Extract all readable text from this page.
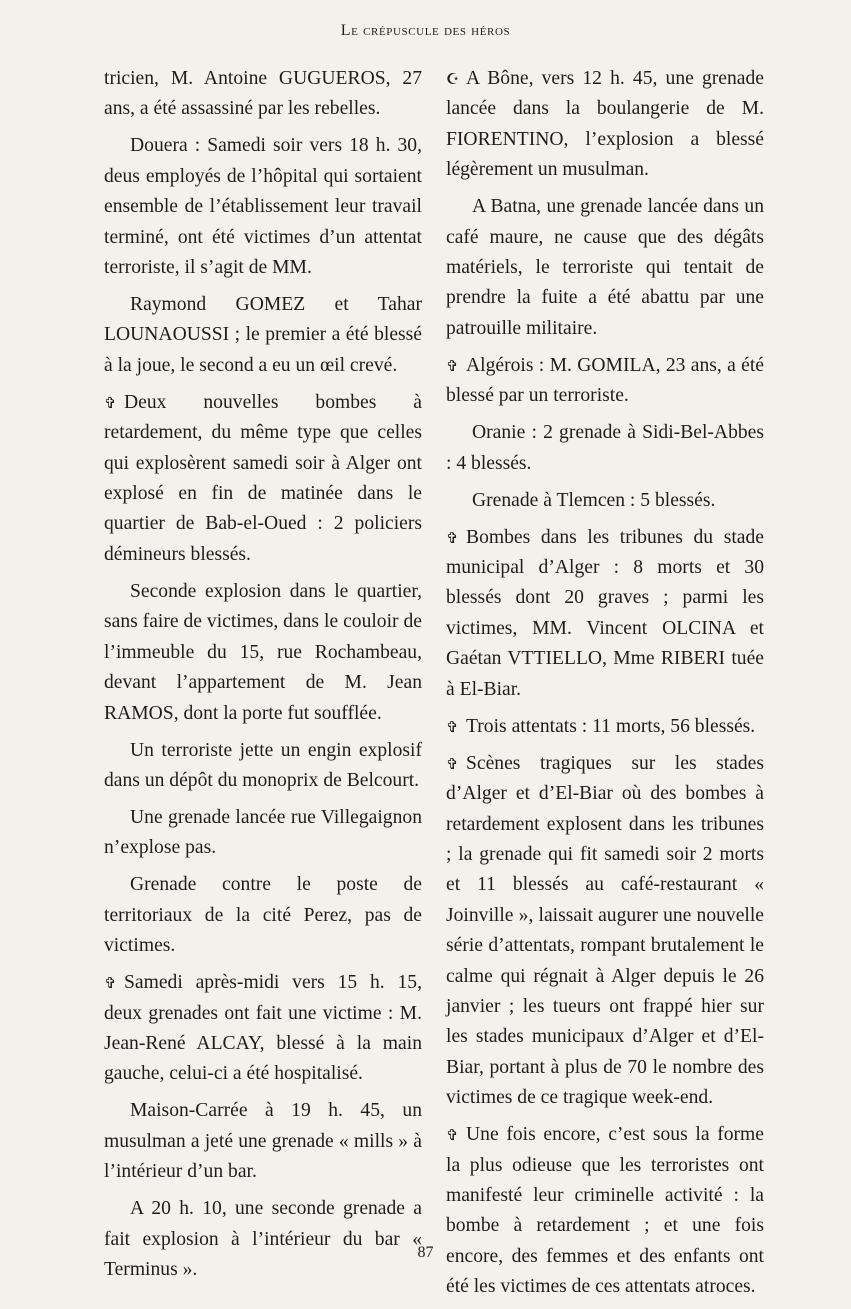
Le crépuscule des héros

tricien, M. Antoine GUGUEROS, 27 ans, a été assassiné par les rebelles.

Douera : Samedi soir vers 18 h. 30, deus employés de l’hôpital qui sortaient ensemble de l’établissement leur travail terminé, ont été victimes d’un attentat terroriste, il s’agit de MM.

Raymond GOMEZ et Tahar LOUNAOUSSI ; le premier a été blessé à la joue, le second a eu un œil crevé.

✞ Deux nouvelles bombes à retardement, du même type que celles qui explosèrent samedi soir à Alger ont explosé en fin de matinée dans le quartier de Bab-el-Oued : 2 policiers démineurs blessés.

Seconde explosion dans le quartier, sans faire de victimes, dans le couloir de l’immeuble du 15, rue Rochambeau, devant l’appartement de M. Jean RAMOS, dont la porte fut soufflée.

Un terroriste jette un engin explosif dans un dépôt du monoprix de Belcourt.

Une grenade lancée rue Villegaignon n’explose pas.

Grenade contre le poste de territoriaux de la cité Perez, pas de victimes.

✞ Samedi après-midi vers 15 h. 15, deux grenades ont fait une victime : M. Jean-René ALCAY, blessé à la main gauche, celui-ci a été hospitalisé.

Maison-Carrée à 19 h. 45, un musulman a jeté une grenade « mills » à l’intérieur d’un bar.

A 20 h. 10, une seconde grenade a fait explosion à l’intérieur du bar « Terminus ».

☪ A Bône, vers 12 h. 45, une grenade lancée dans la boulangerie de M. FIORENTINO, l’explosion a blessé légèrement un musulman.

A Batna, une grenade lancée dans un café maure, ne cause que des dégâts matériels, le terroriste qui tentait de prendre la fuite a été abattu par une patrouille militaire.

✞ Algérois : M. GOMILA, 23 ans, a été blessé par un terroriste.

Oranie : 2 grenade à Sidi-Bel-Abbes : 4 blessés.

Grenade à Tlemcen : 5 blessés.

✞ Bombes dans les tribunes du stade municipal d’Alger : 8 morts et 30 blessés dont 20 graves ; parmi les victimes, MM. Vincent OLCINA et Gaétan VTTIELLO, Mme RIBERI tuée à El-Biar.

✞ Trois attentats : 11 morts, 56 blessés.

✞ Scènes tragiques sur les stades d’Alger et d’El-Biar où des bombes à retardement explosent dans les tribunes ; la grenade qui fit samedi soir 2 morts et 11 blessés au café-restaurant « Joinville », laissait augurer une nouvelle série d’attentats, rompant brutalement le calme qui régnait à Alger depuis le 26 janvier ; les tueurs ont frappé hier sur les stades municipaux d’Alger et d’El-Biar, portant à plus de 70 le nombre des victimes de ce tragique week-end.

✞ Une fois encore, c’est sous la forme la plus odieuse que les terroristes ont manifesté leur criminelle activité : la bombe à retardement ; et une fois encore, des femmes et des enfants ont été les victimes de ces attentats atroces.

87
